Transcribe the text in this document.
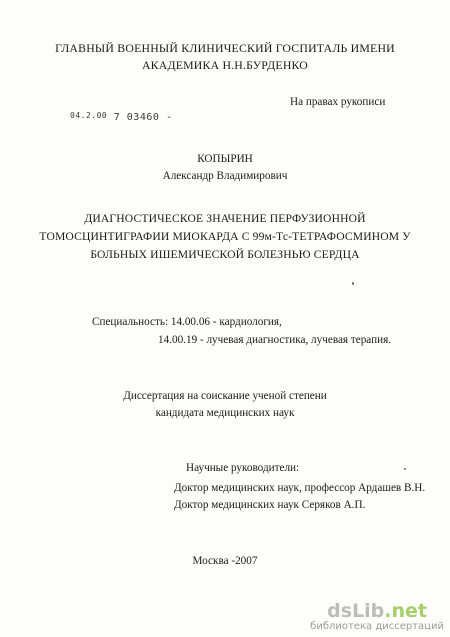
ГЛАВНЫЙ ВОЕННЫЙ КЛИНИЧЕСКИЙ ГОСПИТАЛЬ ИМЕНИ
АКАДЕМИКА Н.Н.БУРДЕНКО
На правах рукописи
$^{04.2.00}$ 7 03460 -
КОПЫРИН
Александр Владимирович
ДИАГНОСТИЧЕСКОЕ ЗНАЧЕНИЕ ПЕРФУЗИОННОЙ
ТОМОСЦИНТИГРАФИИ МИОКАРДА С 99м-Тс-ТЕТРАФОСМИНОМ У
БОЛЬНЫХ ИШЕМИЧЕСКОЙ БОЛЕЗНЬЮ СЕРДЦА
Специальность: 14.00.06 - кардиология,
14.00.19 - лучевая диагностика, лучевая терапия.
Диссертация на соискание ученой степени
кандидата медицинских наук
Научные руководители:
Доктор медицинских наук, профессор Ардашев В.Н.
Доктор медицинских наук Серяков А.П.
Москва -2007
dsLib.net
библиотека диссертаций
